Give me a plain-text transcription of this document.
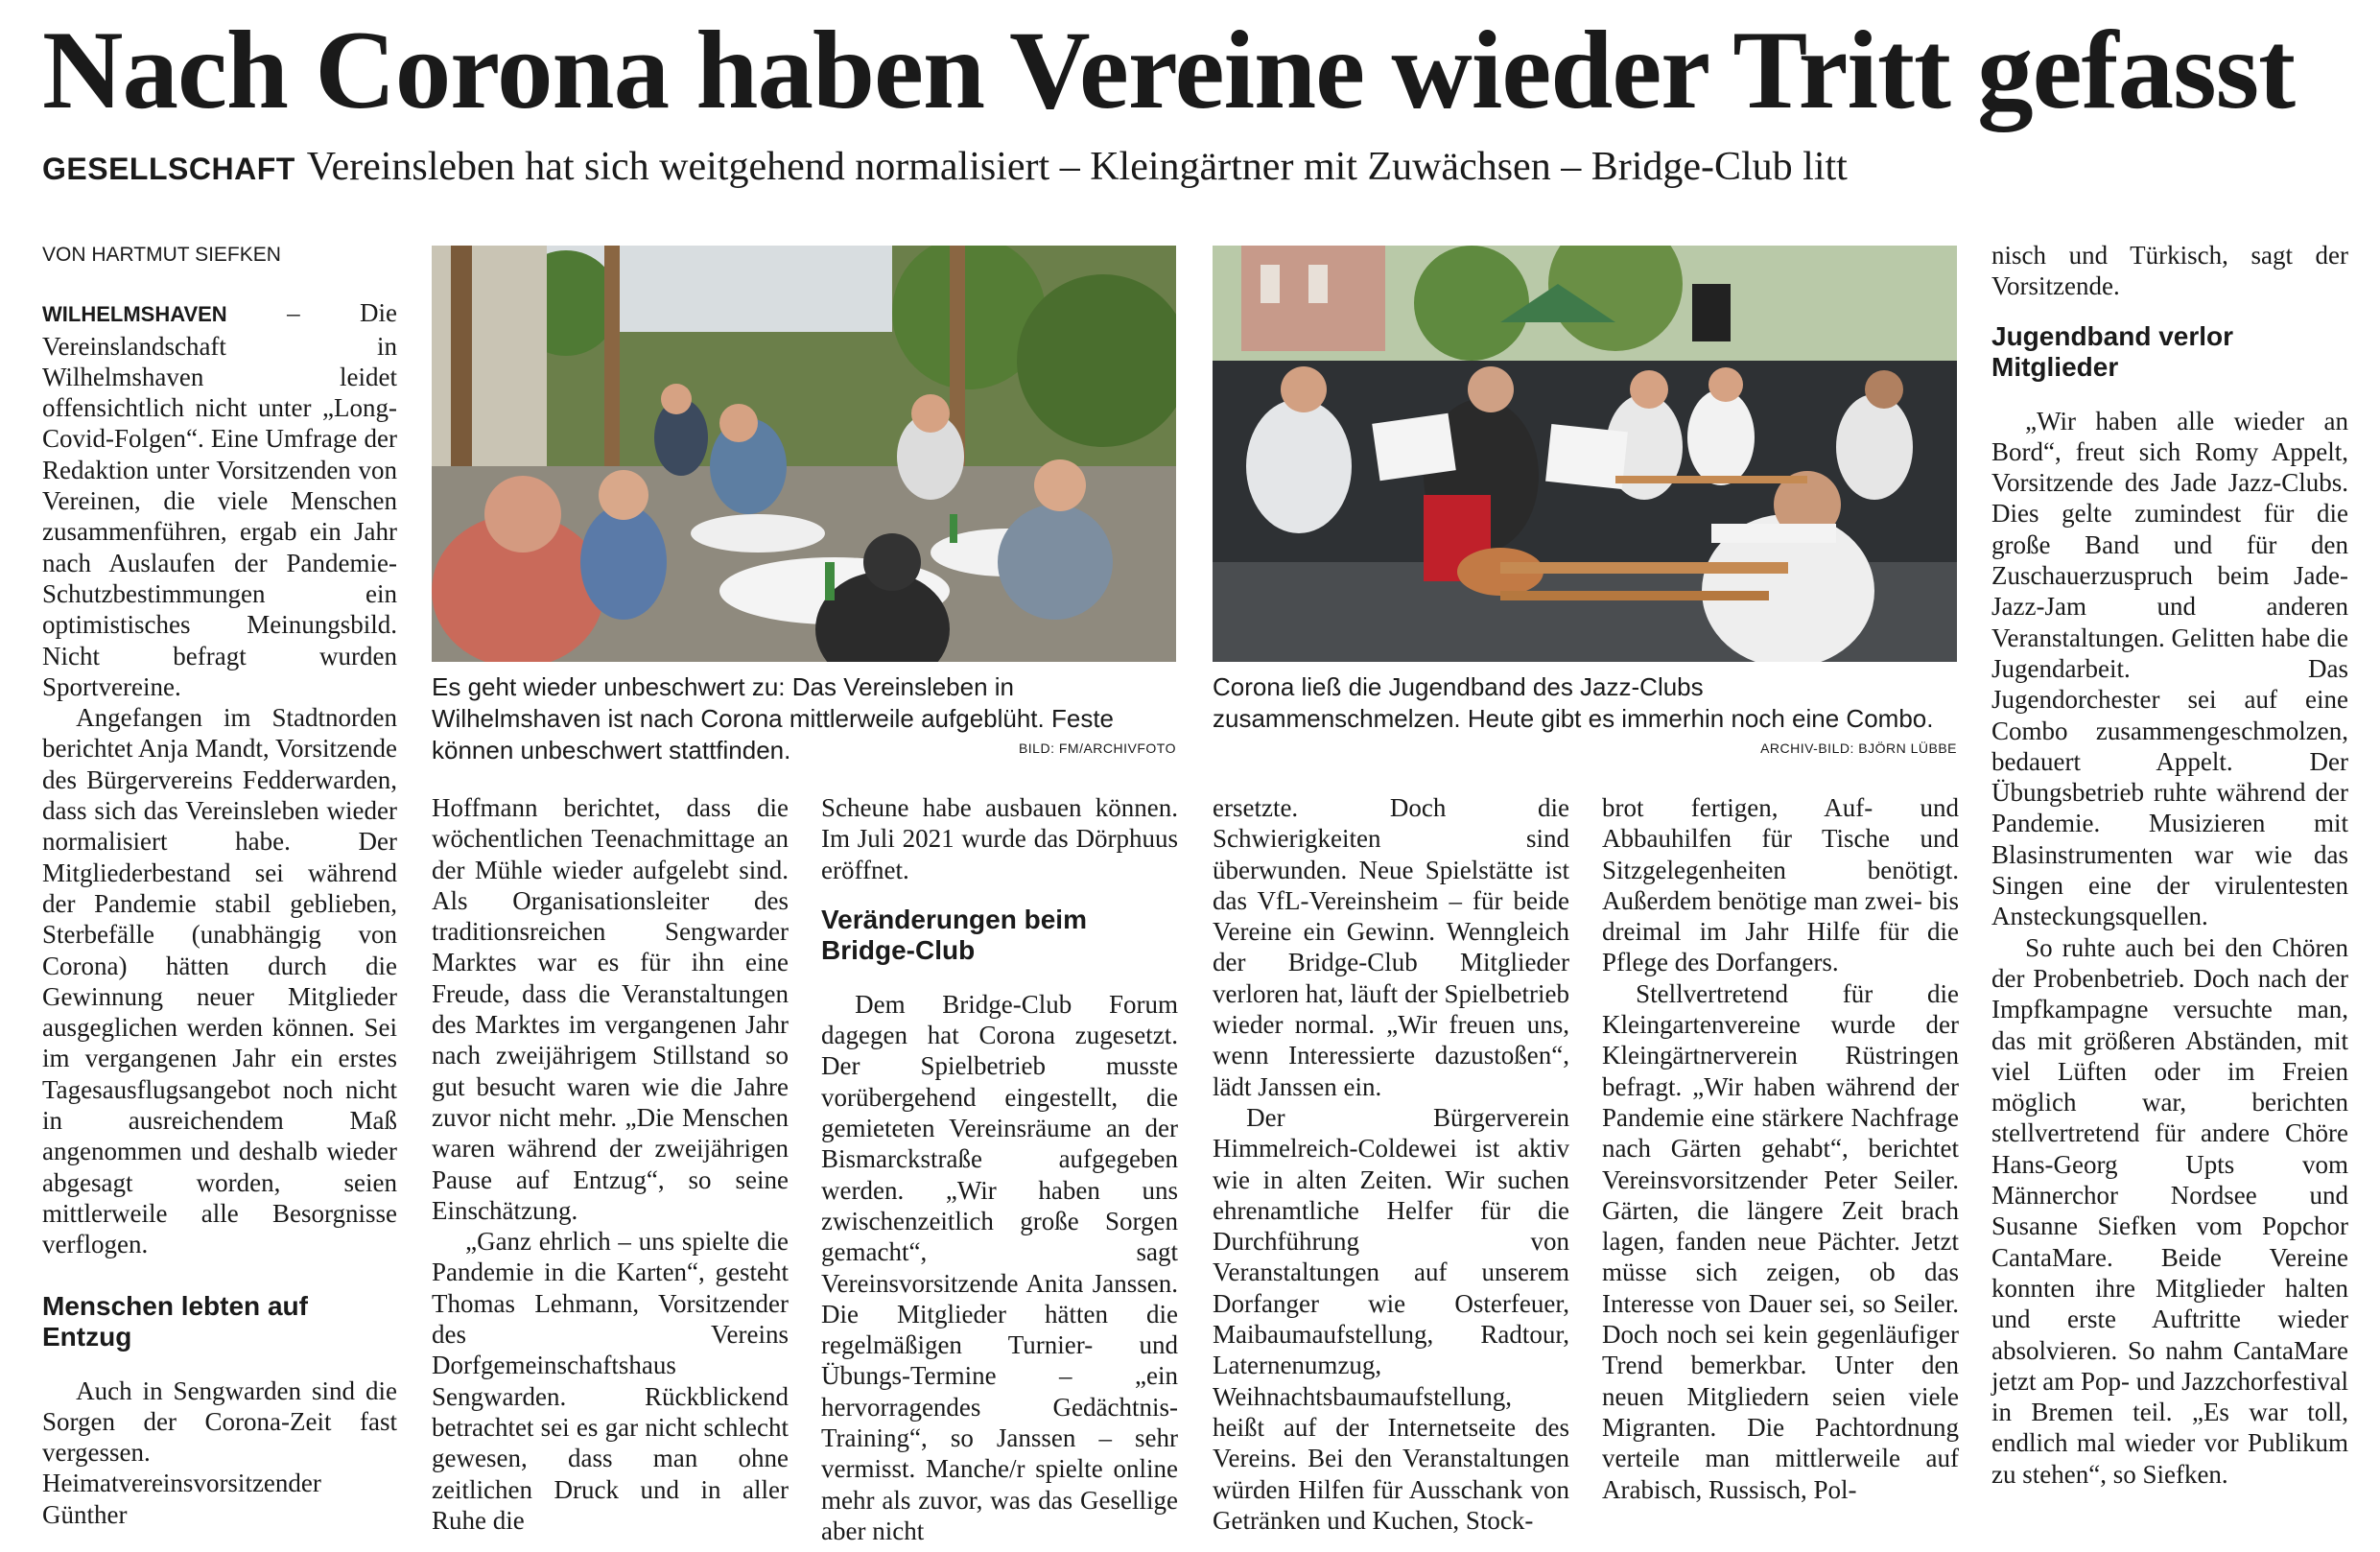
Nach Corona haben Vereine wieder Tritt gefasst
GESELLSCHAFT Vereinsleben hat sich weitgehend normalisiert – Kleingärtner mit Zuwächsen – Bridge-Club litt
VON HARTMUT SIEFKEN

WILHELMSHAVEN – Die Vereinslandschaft in Wilhelmshaven leidet offensichtlich nicht unter „Long-Covid-Folgen“. Eine Umfrage der Redaktion unter Vorsitzenden von Vereinen, die viele Menschen zusammenführen, ergab ein Jahr nach Auslaufen der Pandemie-Schutzbestimmungen ein optimistisches Meinungsbild. Nicht befragt wurden Sportvereine.

Angefangen im Stadtnorden berichtet Anja Mandt, Vorsitzende des Bürgervereins Fedderwarden, dass sich das Vereinsleben wieder normalisiert habe. Der Mitgliederbestand sei während der Pandemie stabil geblieben, Sterbefälle (unabhängig von Corona) hätten durch die Gewinnung neuer Mitglieder ausgeglichen werden können. Sei im vergangenen Jahr ein erstes Tagesausflugsangebot noch nicht in ausreichendem Maß angenommen und deshalb wieder abgesagt worden, seien mittlerweile alle Besorgnisse verflogen.

Menschen lebten auf Entzug

Auch in Sengwarden sind die Sorgen der Corona-Zeit fast vergessen. Heimatvereinsvorsitzender Günther

Es geht wieder unbeschwert zu: Das Vereinsleben in Wilhelmshaven ist nach Corona mittlerweile aufgeblüht. Feste können unbeschwert stattfinden.	BILD: FM/ARCHIVFOTO
Corona ließ die Jugendband des Jazz-Clubs zusammenschmelzen. Heute gibt es immerhin noch eine Combo.
ARCHIV-BILD: BJÖRN LÜBBE

Hoffmann berichtet, dass die wöchentlichen Teenachmittage an der Mühle wieder aufgelebt sind. Als Organisationsleiter des traditionsreichen Sengwarder Marktes war es für ihn eine Freude, dass die Veranstaltungen des Marktes im vergangenen Jahr nach zweijährigem Stillstand so gut besucht waren wie die Jahre zuvor nicht mehr. „Die Menschen waren während der zweijährigen Pause auf Entzug“, so seine Einschätzung.

„Ganz ehrlich – uns spielte die Pandemie in die Karten“, gesteht Thomas Lehmann, Vorsitzender des Vereins Dorfgemeinschaftshaus Sengwarden. Rückblickend betrachtet sei es gar nicht schlecht gewesen, dass man ohne zeitlichen Druck und in aller Ruhe die

Scheune habe ausbauen können. Im Juli 2021 wurde das Dörphuus eröffnet.

Veränderungen beim Bridge-Club

Dem Bridge-Club Forum dagegen hat Corona zugesetzt. Der Spielbetrieb musste vorübergehend eingestellt, die gemieteten Vereinsräume an der Bismarckstraße aufgegeben werden. „Wir haben uns zwischenzeitlich große Sorgen gemacht“, sagt Vereinsvorsitzende Anita Janssen. Die Mitglieder hätten die regelmäßigen Turnier- und Übungs-Termine – „ein hervorragendes Gedächtnis-Training“, so Janssen – sehr vermisst. Manche/r spielte online mehr als zuvor, was das Gesellige aber nicht

ersetzte. Doch die Schwierigkeiten sind überwunden. Neue Spielstätte ist das VfL-Vereinsheim – für beide Vereine ein Gewinn. Wenngleich der Bridge-Club Mitglieder verloren hat, läuft der Spielbetrieb wieder normal. „Wir freuen uns, wenn Interessierte dazustoßen“, lädt Janssen ein.

Der Bürgerverein Himmelreich-Coldewei ist aktiv wie in alten Zeiten. Wir suchen ehrenamtliche Helfer für die Durchführung von Veranstaltungen auf unserem Dorfanger wie Osterfeuer, Maibaumaufstellung, Radtour, Laternenumzug, Weihnachtsbaumaufstellung, heißt auf der Internetseite des Vereins. Bei den Veranstaltungen würden Hilfen für Ausschank von Getränken und Kuchen, Stock-

brot fertigen, Auf- und Abbauhilfen für Tische und Sitzgelegenheiten benötigt. Außerdem benötige man zwei- bis dreimal im Jahr Hilfe für die Pflege des Dorfangers.

Stellvertretend für die Kleingartenvereine wurde der Kleingärtnerverein Rüstringen befragt. „Wir haben während der Pandemie eine stärkere Nachfrage nach Gärten gehabt“, berichtet Vereinsvorsitzender Peter Seiler. Gärten, die längere Zeit brach lagen, fanden neue Pächter. Jetzt müsse sich zeigen, ob das Interesse von Dauer sei, so Seiler. Doch noch sei kein gegenläufiger Trend bemerkbar. Unter den neuen Mitgliedern seien viele Migranten. Die Pachtordnung verteile man mittlerweile auf Arabisch, Russisch, Pol-

nisch und Türkisch, sagt der Vorsitzende.

Jugendband verlor Mitglieder

„Wir haben alle wieder an Bord“, freut sich Romy Appelt, Vorsitzende des Jade Jazz-Clubs. Dies gelte zumindest für die große Band und für den Zuschauerzuspruch beim Jade-Jazz-Jam und anderen Veranstaltungen. Gelitten habe die Jugendarbeit. Das Jugendorchester sei auf eine Combo zusammengeschmolzen, bedauert Appelt. Der Übungsbetrieb ruhte während der Pandemie. Musizieren mit Blasinstrumenten war wie das Singen eine der virulentesten Ansteckungsquellen.

So ruhte auch bei den Chören der Probenbetrieb. Doch nach der Impfkampagne versuchte man, das mit größeren Abständen, mit viel Lüften oder im Freien möglich war, berichten stellvertretend für andere Chöre Hans-Georg Upts vom Männerchor Nordsee und Susanne Siefken vom Popchor CantaMare. Beide Vereine konnten ihre Mitglieder halten und erste Auftritte wieder absolvieren. So nahm CantaMare jetzt am Pop- und Jazzchorfestival in Bremen teil. „Es war toll, endlich mal wieder vor Publikum zu stehen“, so Siefken.
